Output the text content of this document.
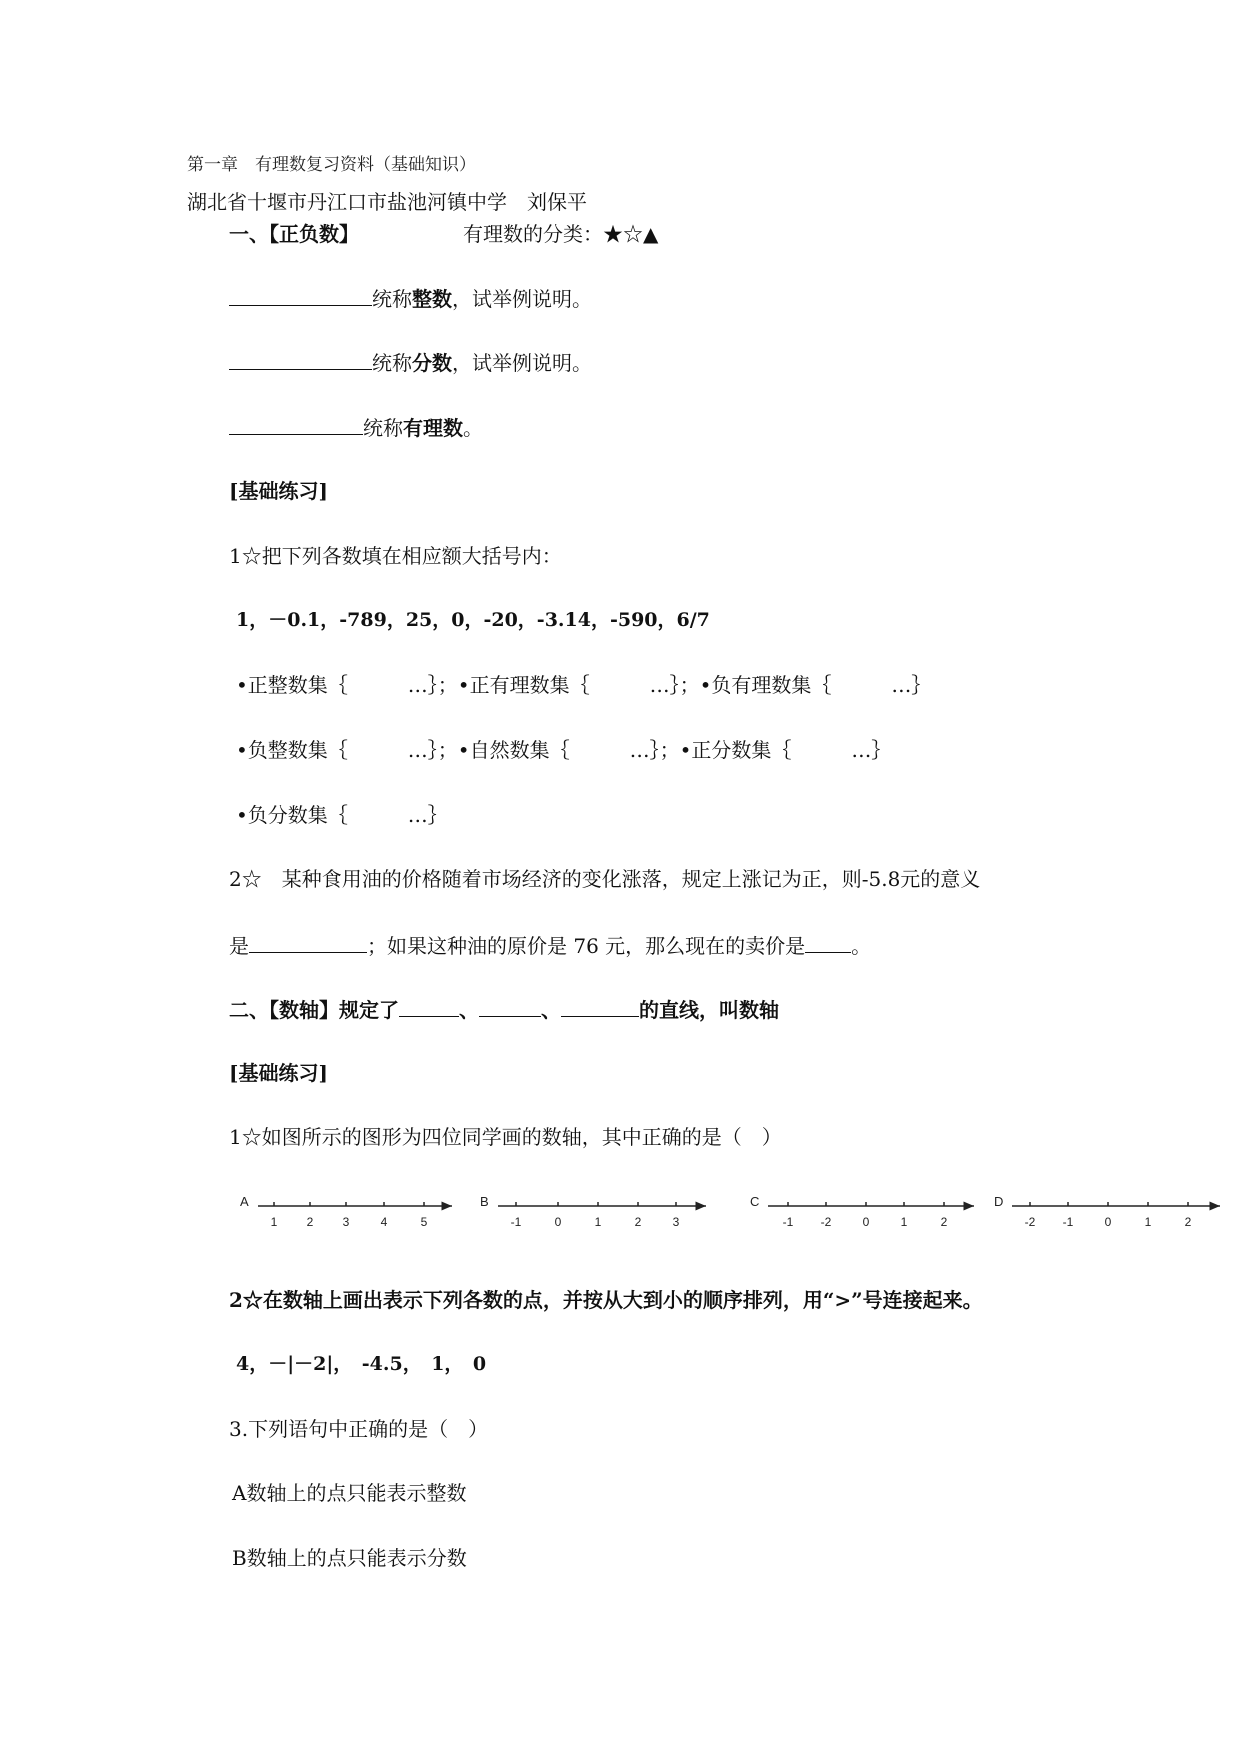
第一章　有理数复习资料（基础知识）
湖北省十堰市丹江口市盐池河镇中学　刘保平
一、【正负数】	有理数的分类：★☆▲
统称整数，试举例说明。
统称分数，试举例说明。
统称有理数。
[基础练习]
1☆把下列各数填在相应额大括号内：
1，－0.1，-789，25，0，-20，-3.14，-590，6/7
•正整数集｛　　　…｝；•正有理数集｛　　　…｝；•负有理数集｛　　　…｝
•负整数集｛　　　…｝；•自然数集｛　　　…｝；•正分数集｛　　　…｝
•负分数集｛　　　…｝
2☆　某种食用油的价格随着市场经济的变化涨落，规定上涨记为正，则-5.8元的意义
是	；如果这种油的原价是 76 元，那么现在的卖价是 。
二、【数轴】规定了	、	、	的直线，叫数轴
[基础练习]
1☆如图所示的图形为四位同学画的数轴，其中正确的是（　）
A
1 2 3	4	5
B
-1	0	1	2	3
C
-1 -2	0	1	2
D
-2 -1	0	1	2
2☆在数轴上画出表示下列各数的点，并按从大到小的顺序排列，用“>”号连接起来。
4，－|－2|，　-4.5，　1，　0
3.下列语句中正确的是（　）
A数轴上的点只能表示整数
B数轴上的点只能表示分数
